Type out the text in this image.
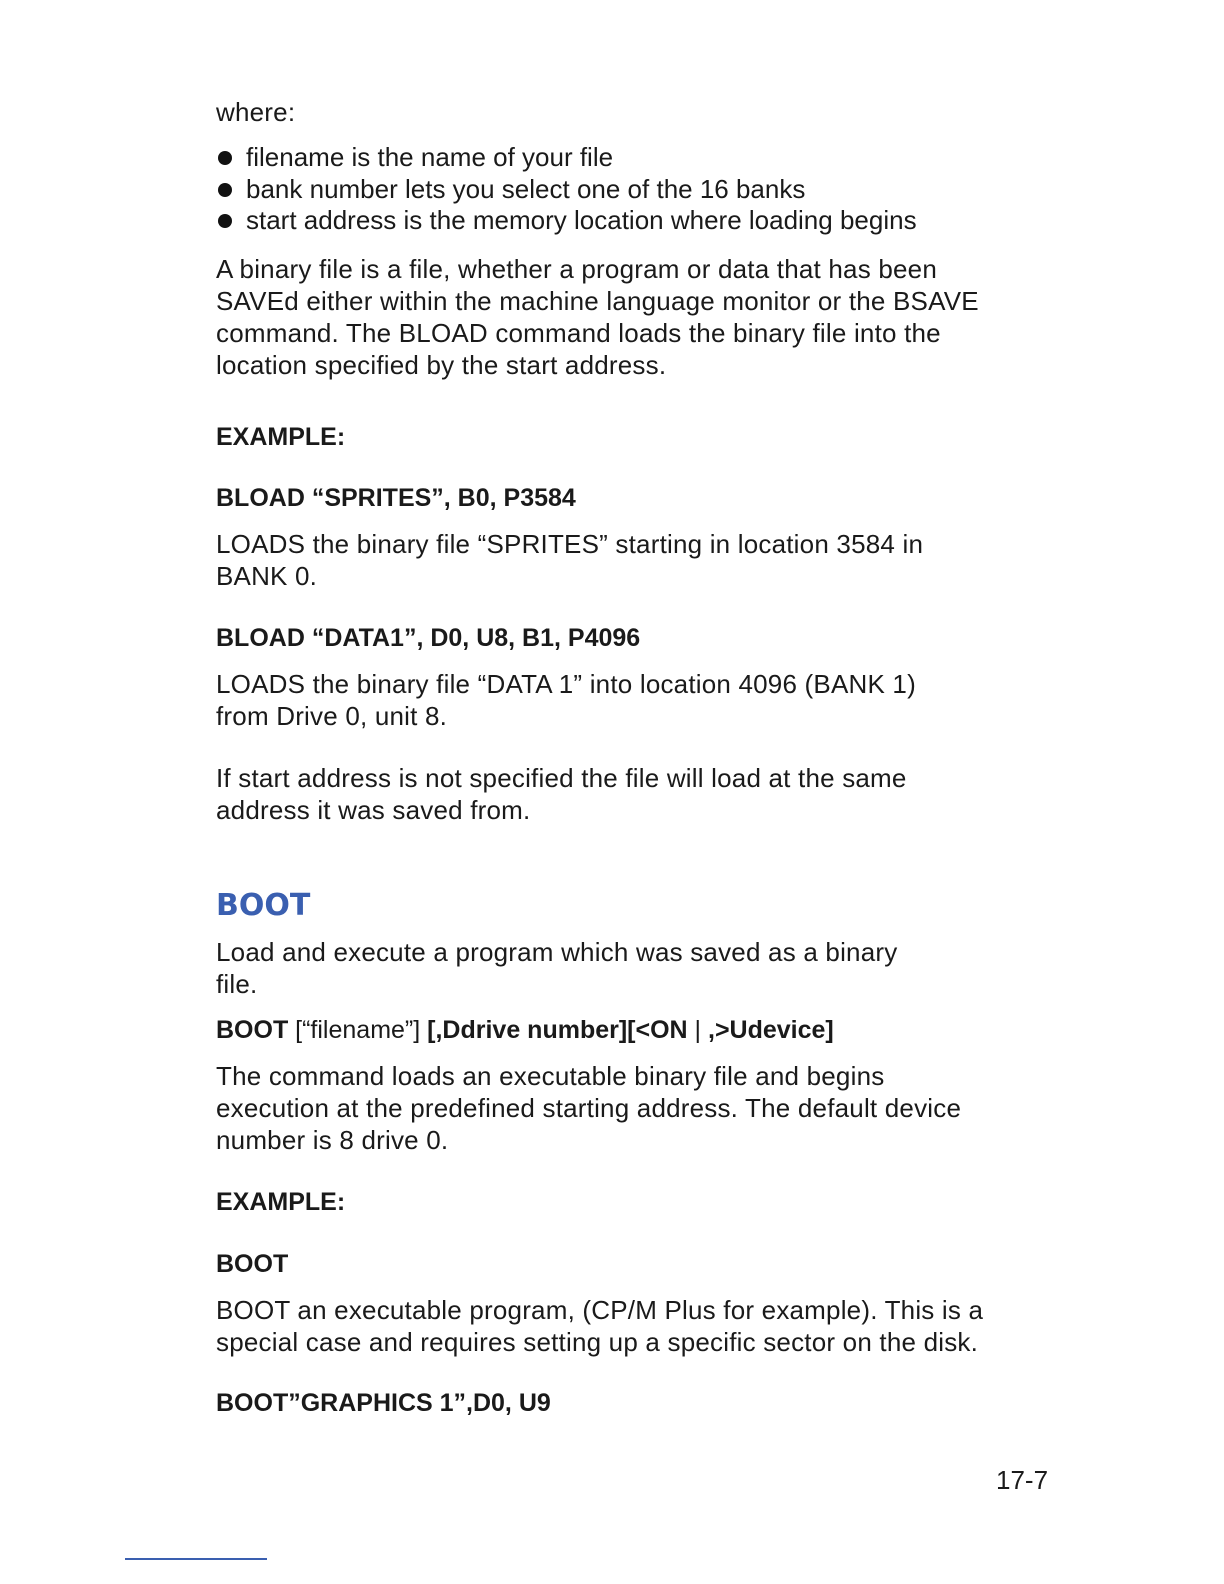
where:

filename is the name of your file
bank number lets you select one of the 16 banks
start address is the memory location where loading begins

A binary file is a file, whether a program or data that has been

SAVEd either within the machine language monitor or the BSAVE

command. The BLOAD command loads the binary file into the

location specified by the start address.

EXAMPLE:

BLOAD “SPRITES”, B0, P3584

LOADS the binary file “SPRITES” starting in location 3584 in

BANK 0.

BLOAD “DATA1”, D0, U8, B1, P4096

LOADS the binary file “DATA 1” into location 4096 (BANK 1)

from Drive 0, unit 8.

If start address is not specified the file will load at the same

address it was saved from.

BOOT

Load and execute a program which was saved as a binary

file.

BOOT [“filename”] [,Ddrive number][<ON | ,>Udevice]

The command loads an executable binary file and begins

execution at the predefined starting address. The default device

number is 8 drive 0.

EXAMPLE:

BOOT

BOOT an executable program, (CP/M Plus for example). This is a

special case and requires setting up a specific sector on the disk.

BOOT”GRAPHICS 1”,D0, U9

17-7
